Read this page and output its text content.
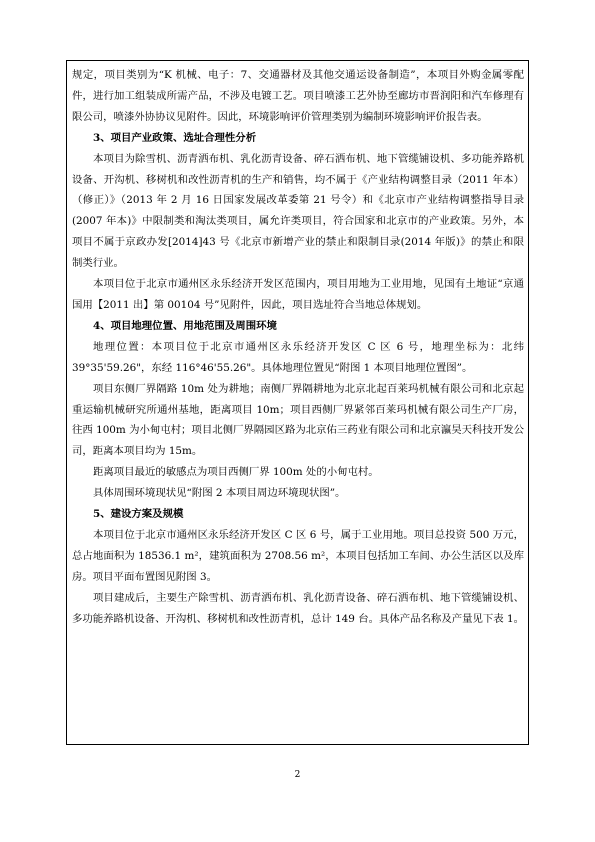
规定，项目类别为“K 机械、电子：7、交通器材及其他交通运设备制造”，本项目外购金属零配件，进行加工组装成所需产品，不涉及电镀工艺。项目喷漆工艺外协至廊坊市晋润阳和汽车修理有限公司，喷漆外协协议见附件。因此，环境影响评价管理类别为编制环境影响评价报告表。

3、项目产业政策、选址合理性分析

本项目为除雪机、沥青洒布机、乳化沥青设备、碎石洒布机、地下管缆铺设机、多功能养路机设备、开沟机、移树机和改性沥青机的生产和销售，均不属于《产业结构调整目录（2011 年本）（修正）》（2013 年 2 月 16 日国家发展改革委第 21 号令）和《北京市产业结构调整指导目录(2007 年本)》中限制类和淘汰类项目，属允许类项目，符合国家和北京市的产业政策。另外，本项目不属于京政办发[2014]43 号《北京市新增产业的禁止和限制目录(2014 年版)》的禁止和限制类行业。

本项目位于北京市通州区永乐经济开发区范围内，项目用地为工业用地，见国有土地证“京通国用【2011 出】第 00104 号”见附件，因此，项目选址符合当地总体规划。

4、项目地理位置、用地范围及周围环境

地理位置：本项目位于北京市通州区永乐经济开发区 C 区 6 号，地理坐标为：北纬 39°35'59.26"，东经 116°46'55.26"。具体地理位置见“附图 1 本项目地理位置图”。

项目东侧厂界隔路 10m 处为耕地；南侧厂界隔耕地为北京北起百莱玛机械有限公司和北京起重运输机械研究所通州基地，距离项目 10m；项目西侧厂界紧邻百莱玛机械有限公司生产厂房，往西 100m 为小甸屯村；项目北侧厂界隔园区路为北京佑三药业有限公司和北京瀛昊天科技开发公司，距离本项目均为 15m。

距离项目最近的敏感点为项目西侧厂界 100m 处的小甸屯村。

具体周围环境现状见“附图 2 本项目周边环境现状图”。

5、建设方案及规模

本项目位于北京市通州区永乐经济开发区 C 区 6 号，属于工业用地。项目总投资 500 万元，总占地面积为 18536.1 m²，建筑面积为 2708.56 m²，本项目包括加工车间、办公生活区以及库房。项目平面布置图见附图 3。

项目建成后，主要生产除雪机、沥青洒布机、乳化沥青设备、碎石洒布机、地下管缆铺设机、多功能养路机设备、开沟机、移树机和改性沥青机，总计 149 台。具体产品名称及产量见下表 1。

2
